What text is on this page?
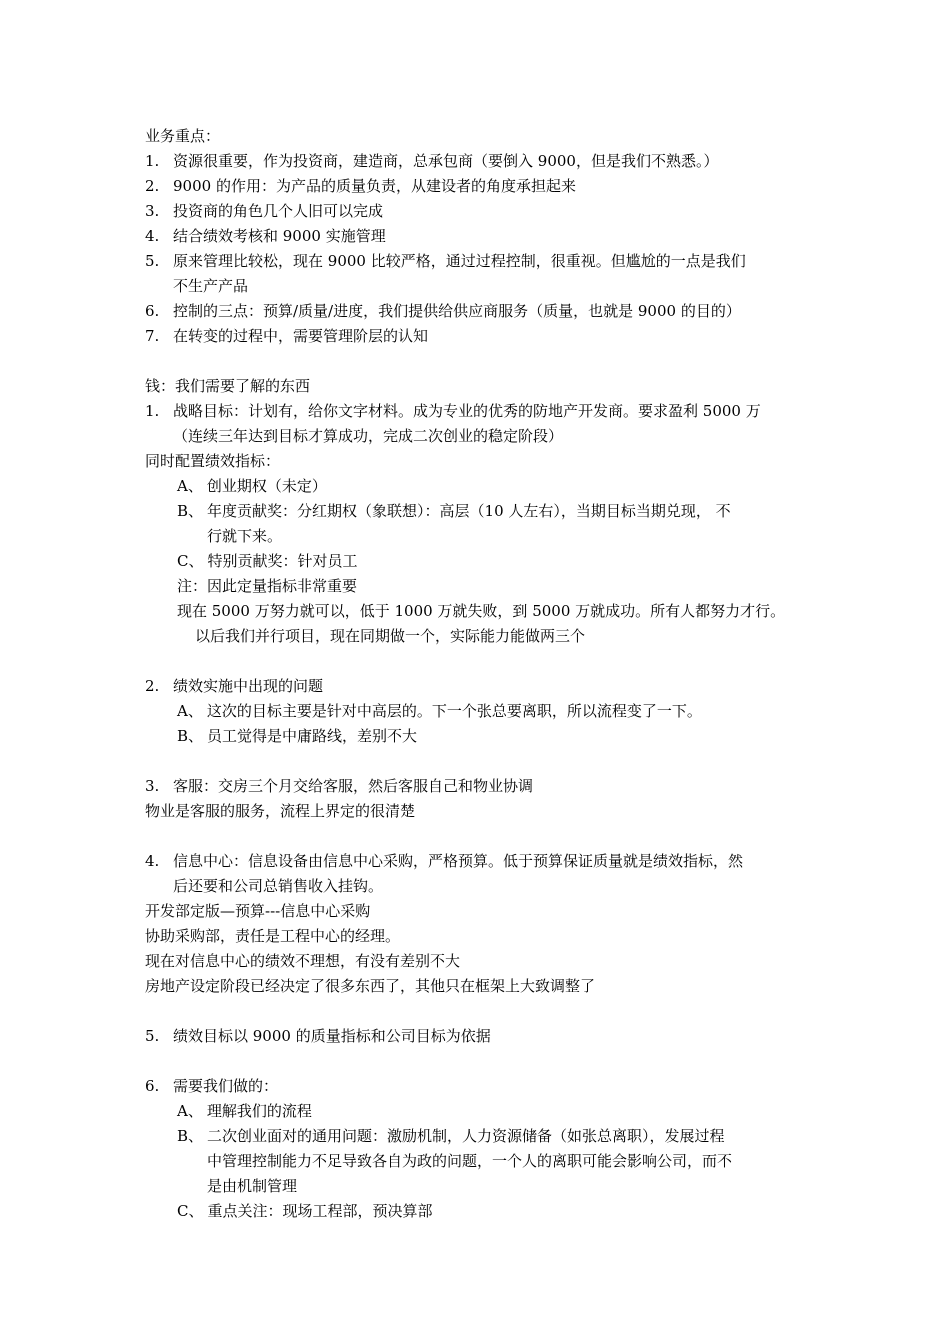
业务重点：
1. 资源很重要，作为投资商，建造商，总承包商（要倒入 9000，但是我们不熟悉。）
2. 9000 的作用：为产品的质量负责，从建设者的角度承担起来
3. 投资商的角色几个人旧可以完成
4. 结合绩效考核和 9000 实施管理
5. 原来管理比较松，现在 9000 比较严格，通过过程控制，很重视。但尴尬的一点是我们
不生产产品
6. 控制的三点：预算/质量/进度，我们提供给供应商服务（质量，也就是 9000 的目的）
7. 在转变的过程中，需要管理阶层的认知
钱：我们需要了解的东西
1. 战略目标：计划有，给你文字材料。成为专业的优秀的防地产开发商。要求盈利 5000 万
（连续三年达到目标才算成功，完成二次创业的稳定阶段）
同时配置绩效指标：
A、 创业期权（未定）
B、 年度贡献奖：分红期权（象联想）：高层（10 人左右），当期目标当期兑现， 不
行就下来。
C、 特别贡献奖：针对员工
注：因此定量指标非常重要
现在 5000 万努力就可以，低于 1000 万就失败，到 5000 万就成功。所有人都努力才行。
以后我们并行项目，现在同期做一个，实际能力能做两三个
2. 绩效实施中出现的问题
A、 这次的目标主要是针对中高层的。下一个张总要离职，所以流程变了一下。
B、 员工觉得是中庸路线，差别不大
3. 客服：交房三个月交给客服，然后客服自己和物业协调
物业是客服的服务，流程上界定的很清楚
4. 信息中心：信息设备由信息中心采购，严格预算。低于预算保证质量就是绩效指标，然
后还要和公司总销售收入挂钩。
开发部定版—预算---信息中心采购
协助采购部，责任是工程中心的经理。
现在对信息中心的绩效不理想，有没有差别不大
房地产设定阶段已经决定了很多东西了，其他只在框架上大致调整了
5. 绩效目标以 9000 的质量指标和公司目标为依据
6. 需要我们做的：
A、 理解我们的流程
B、 二次创业面对的通用问题：激励机制，人力资源储备（如张总离职），发展过程
中管理控制能力不足导致各自为政的问题，一个人的离职可能会影响公司，而不
是由机制管理
C、 重点关注：现场工程部，预决算部
